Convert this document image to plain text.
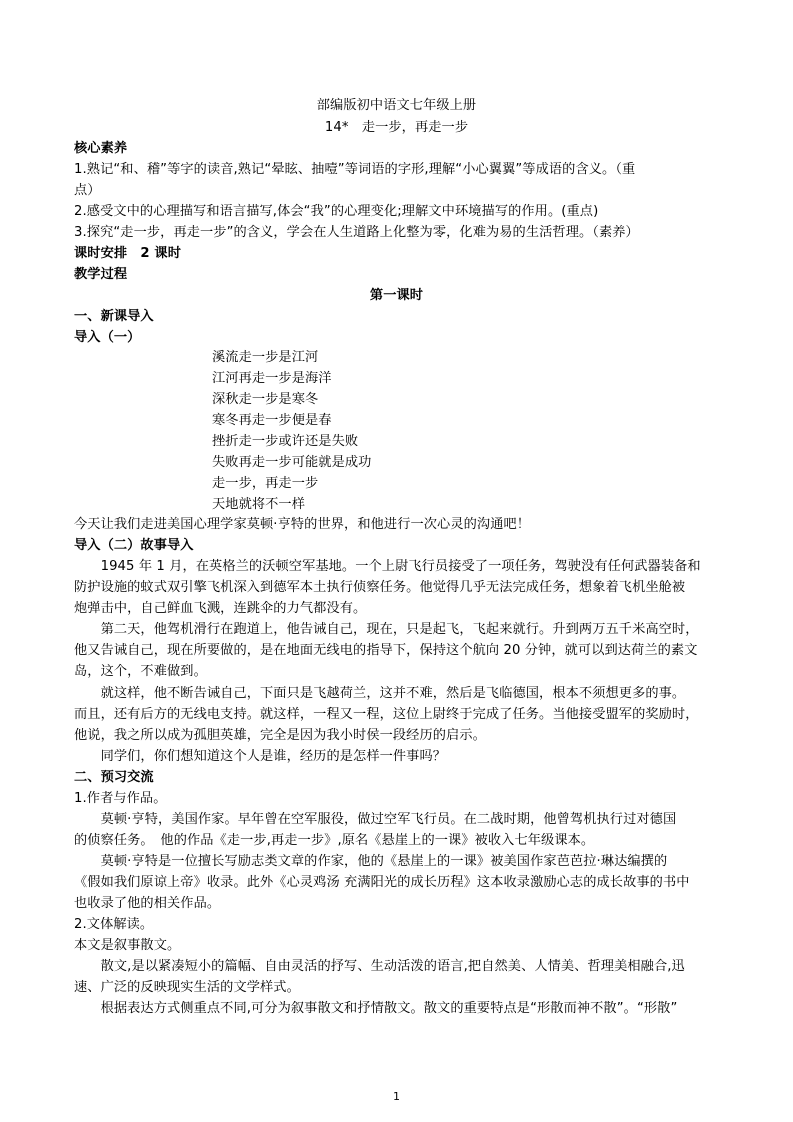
部编版初中语文七年级上册
14*　走一步，再走一步
核心素养
1.熟记“和、稽”等字的读音,熟记“晕眩、抽噎”等词语的字形,理解“小心翼翼”等成语的含义。（重
点）
2.感受文中的心理描写和语言描写,体会“我”的心理变化;理解文中环境描写的作用。(重点)
3.探究“走一步，再走一步”的含义，学会在人生道路上化整为零，化难为易的生活哲理。（素养）
课时安排　2 课时
教学过程
第一课时
一、新课导入
导入（一）
溪流走一步是江河
江河再走一步是海洋
深秋走一步是寒冬
寒冬再走一步便是春
挫折走一步或许还是失败
失败再走一步可能就是成功
走一步，再走一步
天地就将不一样
今天让我们走进美国心理学家莫顿·亨特的世界，和他进行一次心灵的沟通吧！
导入（二）故事导入
　　1945 年 1 月，在英格兰的沃顿空军基地。一个上尉飞行员接受了一项任务，驾驶没有任何武器装备和
防护设施的蚊式双引擎飞机深入到德军本土执行侦察任务。他觉得几乎无法完成任务，想象着飞机坐舱被
炮弹击中，自己鲜血飞溅，连跳伞的力气都没有。
　　第二天，他驾机滑行在跑道上，他告诫自己，现在，只是起飞，飞起来就行。升到两万五千米高空时，
他又告诫自己，现在所要做的，是在地面无线电的指导下，保持这个航向 20 分钟，就可以到达荷兰的素文
岛，这个，不难做到。
　　就这样，他不断告诫自己，下面只是飞越荷兰，这并不难，然后是飞临德国，根本不须想更多的事。
而且，还有后方的无线电支持。就这样，一程又一程，这位上尉终于完成了任务。当他接受盟军的奖励时，
他说，我之所以成为孤胆英雄，完全是因为我小时侯一段经历的启示。
　　同学们，你们想知道这个人是谁，经历的是怎样一件事吗？
二、预习交流
1.作者与作品。
　　莫顿·亨特，美国作家。早年曾在空军服役，做过空军飞行员。在二战时期，他曾驾机执行过对德国
的侦察任务。　他的作品《走一步,再走一步》,原名《悬崖上的一课》被收入七年级课本。
　　莫顿·亨特是一位擅长写励志类文章的作家，他的《悬崖上的一课》被美国作家芭芭拉·琳达编撰的
《假如我们原谅上帝》收录。此外《心灵鸡汤 充满阳光的成长历程》这本收录激励心志的成长故事的书中
也收录了他的相关作品。
2.文体解读。
本文是叙事散文。
　　散文,是以紧凑短小的篇幅、自由灵活的抒写、生动活泼的语言,把自然美、人情美、哲理美相融合,迅
速、广泛的反映现实生活的文学样式。
　　根据表达方式侧重点不同,可分为叙事散文和抒情散文。散文的重要特点是“形散而神不散”。“形散”
1
